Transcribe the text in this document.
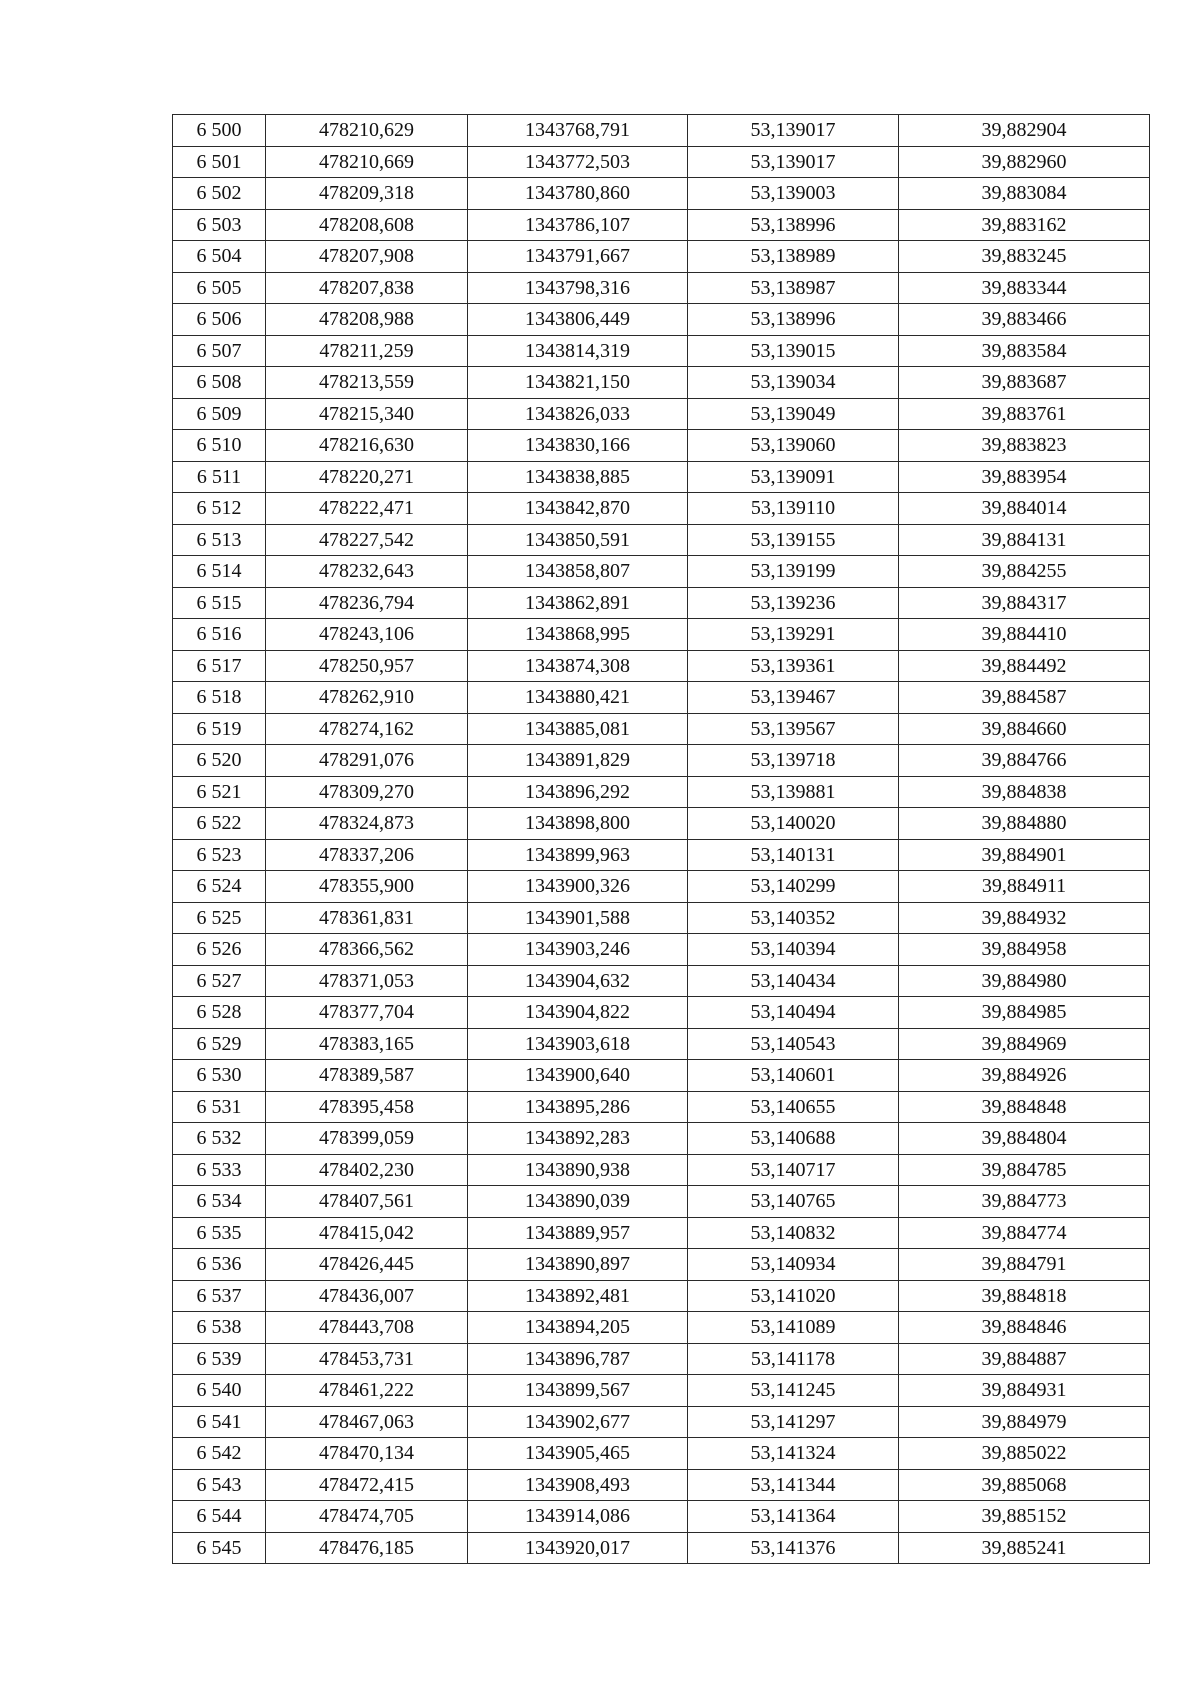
6 500	478210,629	1343768,791	53,139017	39,882904
6 501	478210,669	1343772,503	53,139017	39,882960
6 502	478209,318	1343780,860	53,139003	39,883084
6 503	478208,608	1343786,107	53,138996	39,883162
6 504	478207,908	1343791,667	53,138989	39,883245
6 505	478207,838	1343798,316	53,138987	39,883344
6 506	478208,988	1343806,449	53,138996	39,883466
6 507	478211,259	1343814,319	53,139015	39,883584
6 508	478213,559	1343821,150	53,139034	39,883687
6 509	478215,340	1343826,033	53,139049	39,883761
6 510	478216,630	1343830,166	53,139060	39,883823
6 511	478220,271	1343838,885	53,139091	39,883954
6 512	478222,471	1343842,870	53,139110	39,884014
6 513	478227,542	1343850,591	53,139155	39,884131
6 514	478232,643	1343858,807	53,139199	39,884255
6 515	478236,794	1343862,891	53,139236	39,884317
6 516	478243,106	1343868,995	53,139291	39,884410
6 517	478250,957	1343874,308	53,139361	39,884492
6 518	478262,910	1343880,421	53,139467	39,884587
6 519	478274,162	1343885,081	53,139567	39,884660
6 520	478291,076	1343891,829	53,139718	39,884766
6 521	478309,270	1343896,292	53,139881	39,884838
6 522	478324,873	1343898,800	53,140020	39,884880
6 523	478337,206	1343899,963	53,140131	39,884901
6 524	478355,900	1343900,326	53,140299	39,884911
6 525	478361,831	1343901,588	53,140352	39,884932
6 526	478366,562	1343903,246	53,140394	39,884958
6 527	478371,053	1343904,632	53,140434	39,884980
6 528	478377,704	1343904,822	53,140494	39,884985
6 529	478383,165	1343903,618	53,140543	39,884969
6 530	478389,587	1343900,640	53,140601	39,884926
6 531	478395,458	1343895,286	53,140655	39,884848
6 532	478399,059	1343892,283	53,140688	39,884804
6 533	478402,230	1343890,938	53,140717	39,884785
6 534	478407,561	1343890,039	53,140765	39,884773
6 535	478415,042	1343889,957	53,140832	39,884774
6 536	478426,445	1343890,897	53,140934	39,884791
6 537	478436,007	1343892,481	53,141020	39,884818
6 538	478443,708	1343894,205	53,141089	39,884846
6 539	478453,731	1343896,787	53,141178	39,884887
6 540	478461,222	1343899,567	53,141245	39,884931
6 541	478467,063	1343902,677	53,141297	39,884979
6 542	478470,134	1343905,465	53,141324	39,885022
6 543	478472,415	1343908,493	53,141344	39,885068
6 544	478474,705	1343914,086	53,141364	39,885152
6 545	478476,185	1343920,017	53,141376	39,885241
